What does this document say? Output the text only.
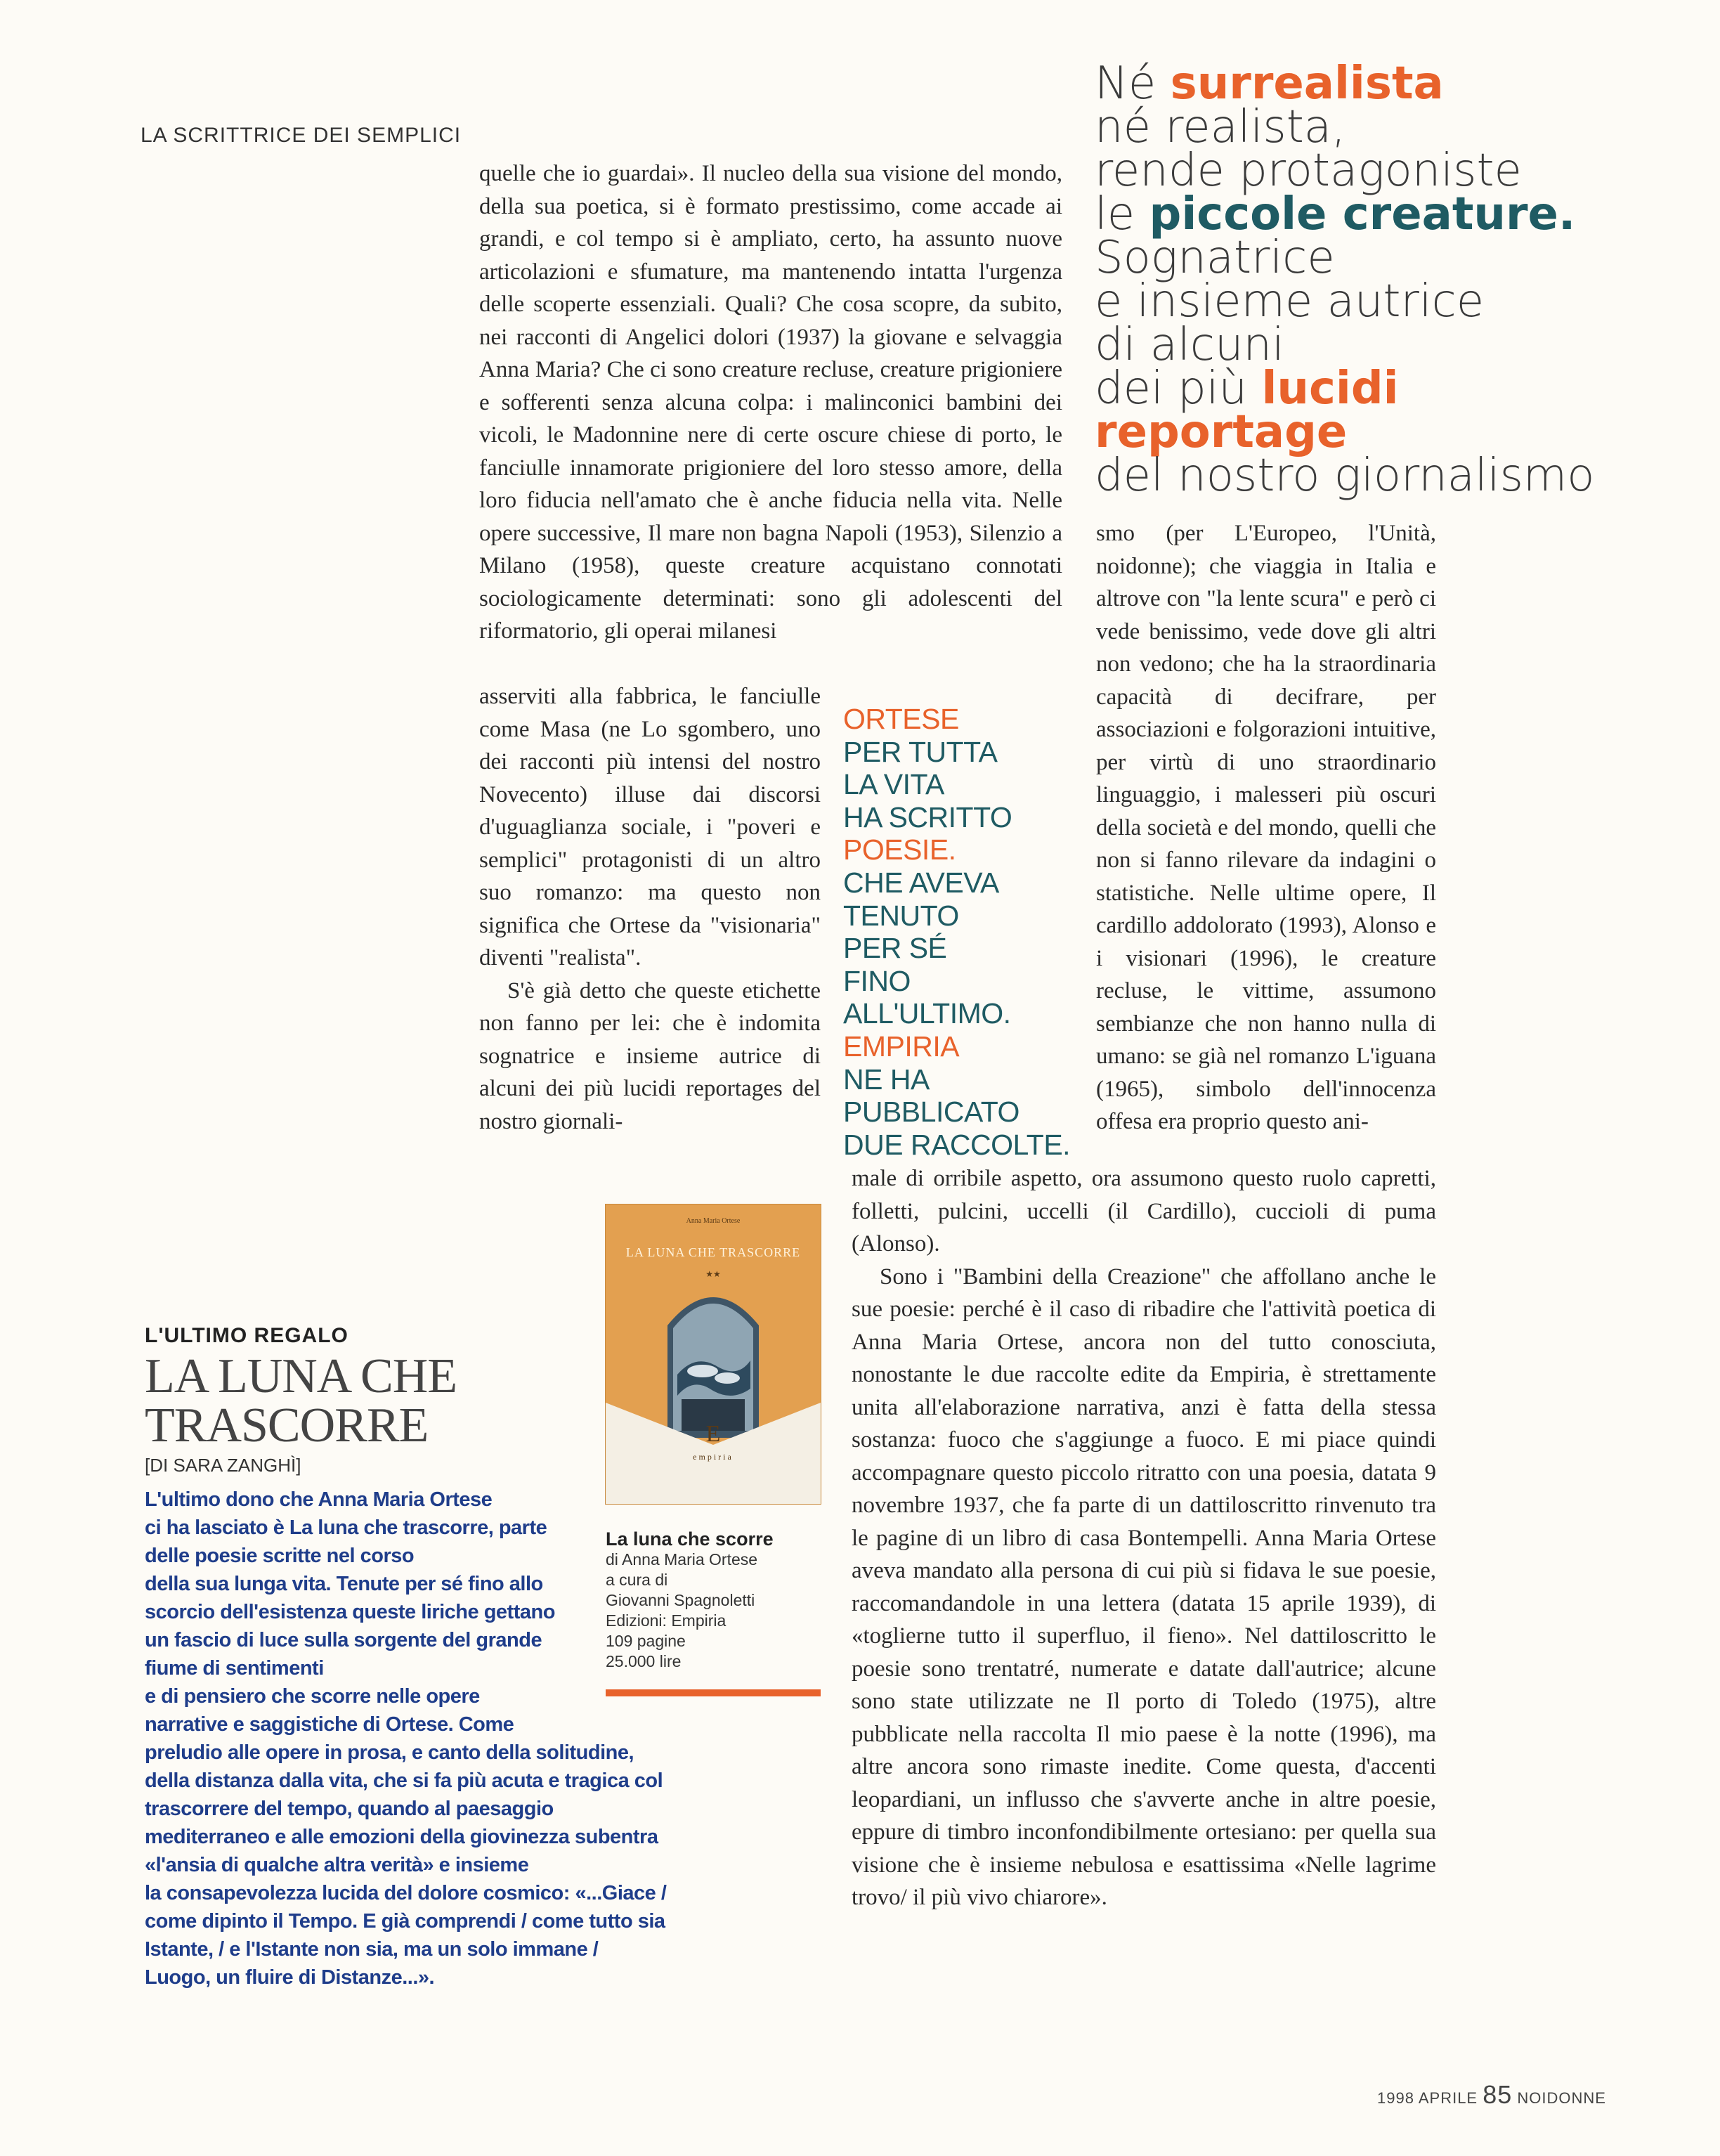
LA SCRITTRICE DEI SEMPLICI
Né surrealista
né realista,
rende protagoniste
le piccole creature.
Sognatrice
e insieme autrice
di alcuni
dei più lucidi
reportage
del nostro giornalismo

quelle che io guardai». Il nucleo della sua visione del mondo, della sua poetica, si è formato prestissimo, come accade ai grandi, e col tempo si è ampliato, certo, ha assunto nuove articolazioni e sfumature, ma mantenendo intatta l'urgenza delle scoperte essenziali. Quali? Che cosa scopre, da subito, nei racconti di Angelici dolori (1937) la giovane e selvaggia Anna Maria? Che ci sono creature recluse, creature prigioniere e sofferenti senza alcuna colpa: i malinconici bambini dei vicoli, le Madonnine nere di certe oscure chiese di porto, le fanciulle innamorate prigioniere del loro stesso amore, della loro fiducia nell'amato che è anche fiducia nella vita. Nelle opere successive, Il mare non bagna Napoli (1953), Silenzio a Milano (1958), queste creature acquistano connotati sociologicamente determinati: sono gli adolescenti del riformatorio, gli operai milanesi

asserviti alla fabbrica, le fanciulle come Masa (ne Lo sgombero, uno dei racconti più intensi del nostro Novecento) illuse dai discorsi d'uguaglianza sociale, i "poveri e semplici" protagonisti di un altro suo romanzo: ma questo non significa che Ortese da "visionaria" diventi "realista".

S'è già detto che queste etichette non fanno per lei: che è indomita sognatrice e insieme autrice di alcuni dei più lucidi reportages del nostro giornali-

ORTESE
PER TUTTA
LA VITA
HA SCRITTO
POESIE.
CHE AVEVA
TENUTO
PER SÉ
FINO
ALL'ULTIMO.
EMPIRIA
NE HA
PUBBLICATO
DUE RACCOLTE.

smo (per L'Europeo, l'Unità, noidonne); che viaggia in Italia e altrove con "la lente scura" e però ci vede benissimo, vede dove gli altri non vedono; che ha la straordinaria capacità di decifrare, per associazioni e folgorazioni intuitive, per virtù di uno straordinario linguaggio, i malesseri più oscuri della società e del mondo, quelli che non si fanno rilevare da indagini o statistiche. Nelle ultime opere, Il cardillo addolorato (1993), Alonso e i visionari (1996), le creature recluse, le vittime, assumono sembianze che non hanno nulla di umano: se già nel romanzo L'iguana (1965), simbolo dell'innocenza offesa era proprio questo ani-

male di orribile aspetto, ora assumono questo ruolo capretti, folletti, pulcini, uccelli (il Cardillo), cuccioli di puma (Alonso).

Sono i "Bambini della Creazione" che affollano anche le sue poesie: perché è il caso di ribadire che l'attività poetica di Anna Maria Ortese, ancora non del tutto conosciuta, nonostante le due raccolte edite da Empiria, è strettamente unita all'elaborazione narrativa, anzi è fatta della stessa sostanza: fuoco che s'aggiunge a fuoco. E mi piace quindi accompagnare questo piccolo ritratto con una poesia, datata 9 novembre 1937, che fa parte di un dattiloscritto rinvenuto tra le pagine di un libro di casa Bontempelli. Anna Maria Ortese aveva mandato alla persona di cui più si fidava le sue poesie, raccomandandole in una lettera (datata 15 aprile 1939), di «toglierne tutto il superfluo, il fieno». Nel dattiloscritto le poesie sono trentatré, numerate e datate dall'autrice; alcune sono state utilizzate ne Il porto di Toledo (1975), altre pubblicate nella raccolta Il mio paese è la notte (1996), ma altre ancora sono rimaste inedite. Come questa, d'accenti leopardiani, un influsso che s'avverte anche in altre poesie, eppure di timbro inconfondibilmente ortesiano: per quella sua visione che è insieme nebulosa e esattissima «Nelle lagrime trovo/ il più vivo chiarore».

Anna Maria Ortese
LA LUNA CHE TRASCORRE
★★
E
empiria
La luna che scorre
di Anna Maria Ortese
a cura di
Giovanni Spagnoletti
Edizioni: Empiria
109 pagine
25.000 lire
L'ULTIMO REGALO
LA LUNA CHE
TRASCORRE
[DI SARA ZANGHÌ]

L'ultimo dono che Anna Maria Ortese

ci ha lasciato è La luna che trascorre, parte

delle poesie scritte nel corso

della sua lunga vita. Tenute per sé fino allo

scorcio dell'esistenza queste liriche gettano

un fascio di luce sulla sorgente del grande

fiume di sentimenti

e di pensiero che scorre nelle opere

narrative e saggistiche di Ortese. Come

preludio alle opere in prosa, e canto della solitudine,

della distanza dalla vita, che si fa più acuta e tragica col

trascorrere del tempo, quando al paesaggio

mediterraneo e alle emozioni della giovinezza subentra

«l'ansia di qualche altra verità» e insieme

la consapevolezza lucida del dolore cosmico: «...Giace /

come dipinto il Tempo. E già comprendi / come tutto sia

Istante, / e l'Istante non sia, ma un solo immane /

Luogo, un fluire di Distanze...».

1998 APRILE 85 NOIDONNE
